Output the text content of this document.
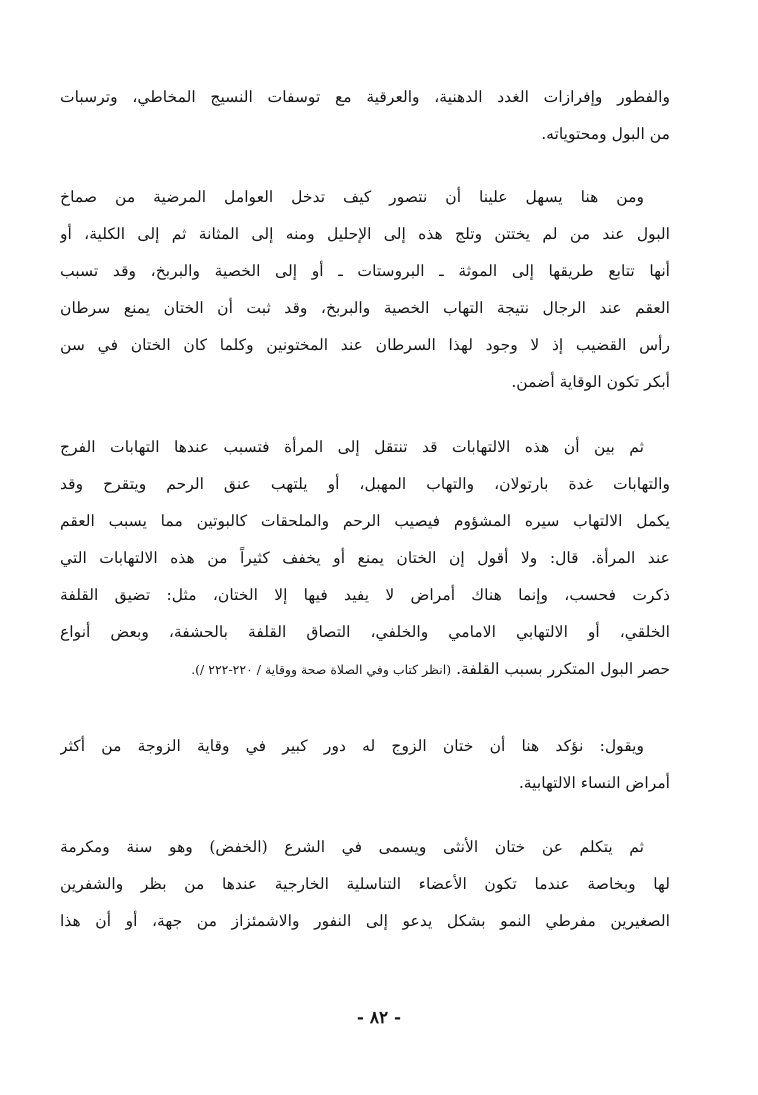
والفطور وإفرازات الغدد الدهنية، والعرقية مع توسفات النسيج المخاطي، وترسبات
من البول ومحتوياته.
ومن هنا يسهل علينا أن نتصور كيف تدخل العوامل المرضية من صماخ
البول عند من لم يختتن وتلج هذه إلى الإحليل ومنه إلى المثانة ثم إلى الكلية، أو
أنها تتابع طريقها إلى الموثة ـ البروستات ـ أو إلى الخصية والبربخ، وقد تسبب
العقم عند الرجال نتيجة التهاب الخصية والبربخ، وقد ثبت أن الختان يمنع سرطان
رأس القضيب إذ لا وجود لهذا السرطان عند المختونين وكلما كان الختان في سن
أبكر تكون الوقاية أضمن.
ثم بين أن هذه الالتهابات قد تنتقل إلى المرأة فتسبب عندها التهابات الفرج
والتهابات غدة بارتولان، والتهاب المهبل، أو يلتهب عنق الرحم ويتقرح وقد
يكمل الالتهاب سيره المشؤوم فيصيب الرحم والملحقات كالبوتين مما يسبب العقم
عند المرأة. قال: ولا أقول إن الختان يمنع أو يخفف كثيراً من هذه الالتهابات التي
ذكرت فحسب، وإنما هناك أمراض لا يفيد فيها إلا الختان، مثل: تضيق القلفة
الخلقي، أو الالتهابي الامامي والخلفي، التصاق القلفة بالحشفة، وبعض أنواع
حصر البول المتكرر بسبب القلفة. (انظر كتاب وفي الصلاة صحة ووقاية / ٢٢٠-٢٢٢ /).
ويقول: نؤكد هنا أن ختان الزوج له دور كبير في وقاية الزوجة من أكثر
أمراض النساء الالتهابية.
ثم يتكلم عن ختان الأنثى ويسمى في الشرع (الخفض) وهو سنة ومكرمة
لها وبخاصة عندما تكون الأعضاء التناسلية الخارجية عندها من بظر والشفرين
الصغيرين مفرطي النمو بشكل يدعو إلى النفور والاشمئزاز من جهة، أو أن هذا
- ٨٢ -
